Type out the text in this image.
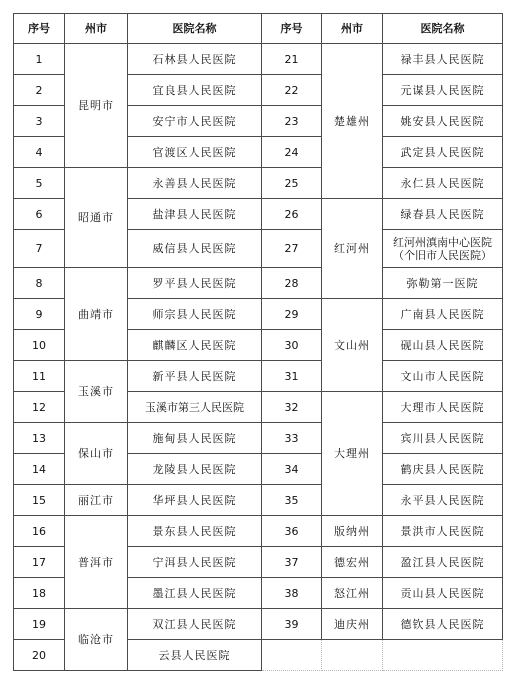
序号	州市	医院名称	序号	州市	医院名称
1	昆明市	石林县人民医院	21	楚雄州	禄丰县人民医院
2		宜良县人民医院	22		元谋县人民医院
3		安宁市人民医院	23		姚安县人民医院
4		官渡区人民医院	24		武定县人民医院
5	昭通市	永善县人民医院	25		永仁县人民医院
6		盐津县人民医院	26	红河州	绿春县人民医院
7		威信县人民医院	27		红河州滇南中心医院
（个旧市人民医院）

8	曲靖市	罗平县人民医院	28		弥勒第一医院
9		师宗县人民医院	29	文山州	广南县人民医院
10		麒麟区人民医院	30		砚山县人民医院
11	玉溪市	新平县人民医院	31		文山市人民医院
12		玉溪市第三人民医院	32	大理州	大理市人民医院
13	保山市	施甸县人民医院	33		宾川县人民医院
14		龙陵县人民医院	34		鹤庆县人民医院
15	丽江市	华坪县人民医院	35		永平县人民医院
16	普洱市	景东县人民医院	36	版纳州	景洪市人民医院
17		宁洱县人民医院	37	德宏州	盈江县人民医院
18		墨江县人民医院	38	怒江州	贡山县人民医院
19	临沧市	双江县人民医院	39	迪庆州	德钦县人民医院
20		云县人民医院			
